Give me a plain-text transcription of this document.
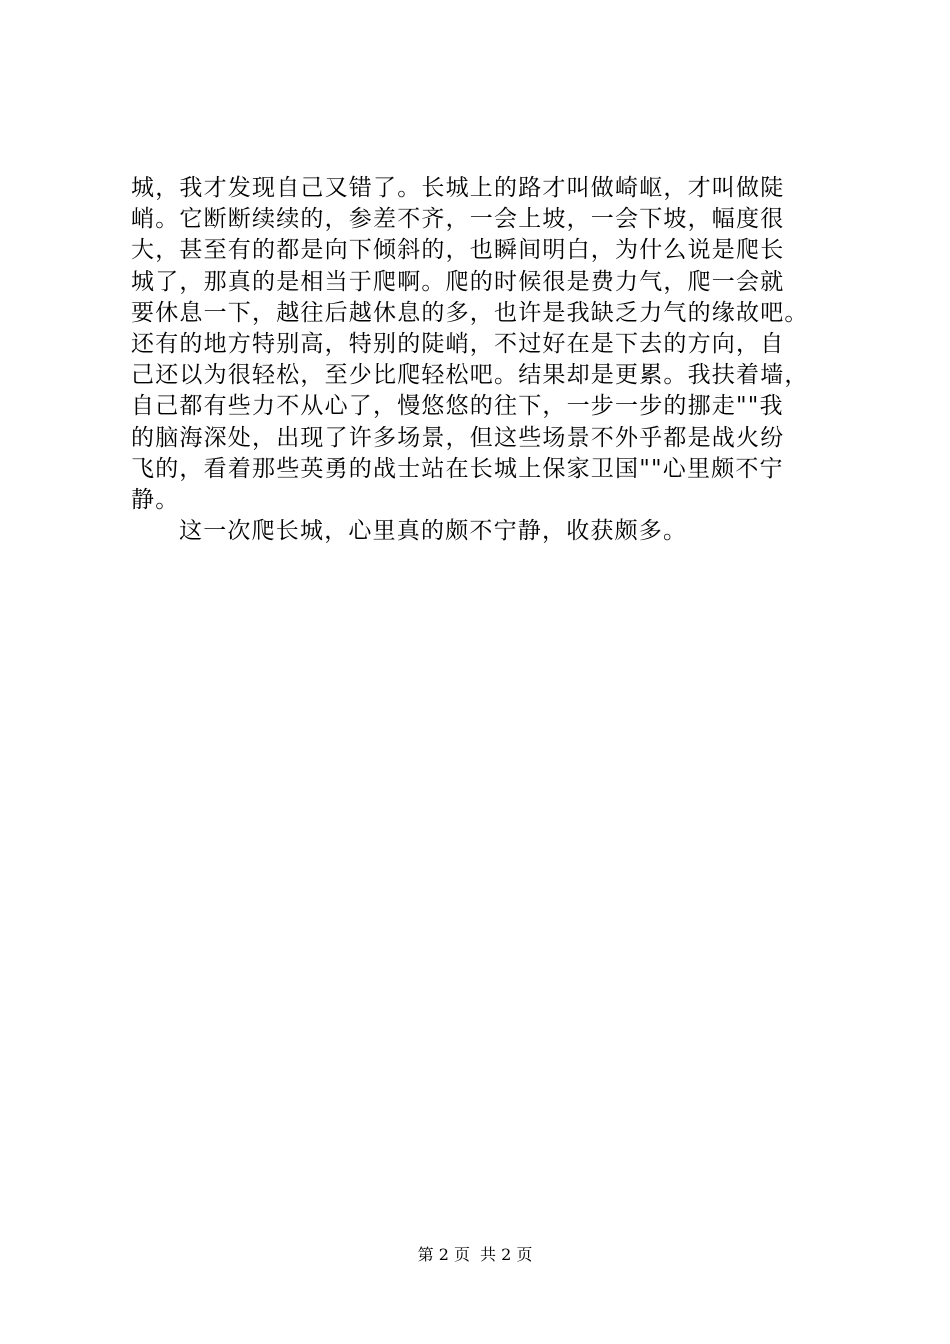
城，我才发现自己又错了。长城上的路才叫做崎岖，才叫做陡
峭。它断断续续的，参差不齐，一会上坡，一会下坡，幅度很
大，甚至有的都是向下倾斜的，也瞬间明白，为什么说是爬长
城了，那真的是相当于爬啊。爬的时候很是费力气，爬一会就
要休息一下，越往后越休息的多，也许是我缺乏力气的缘故吧。
还有的地方特别高，特别的陡峭，不过好在是下去的方向，自
己还以为很轻松，至少比爬轻松吧。结果却是更累。我扶着墙，
自己都有些力不从心了，慢悠悠的往下，一步一步的挪走""我
的脑海深处，出现了许多场景，但这些场景不外乎都是战火纷
飞的，看着那些英勇的战士站在长城上保家卫国""心里颇不宁
静。
这一次爬长城，心里真的颇不宁静，收获颇多。
第 2 页 共 2 页
